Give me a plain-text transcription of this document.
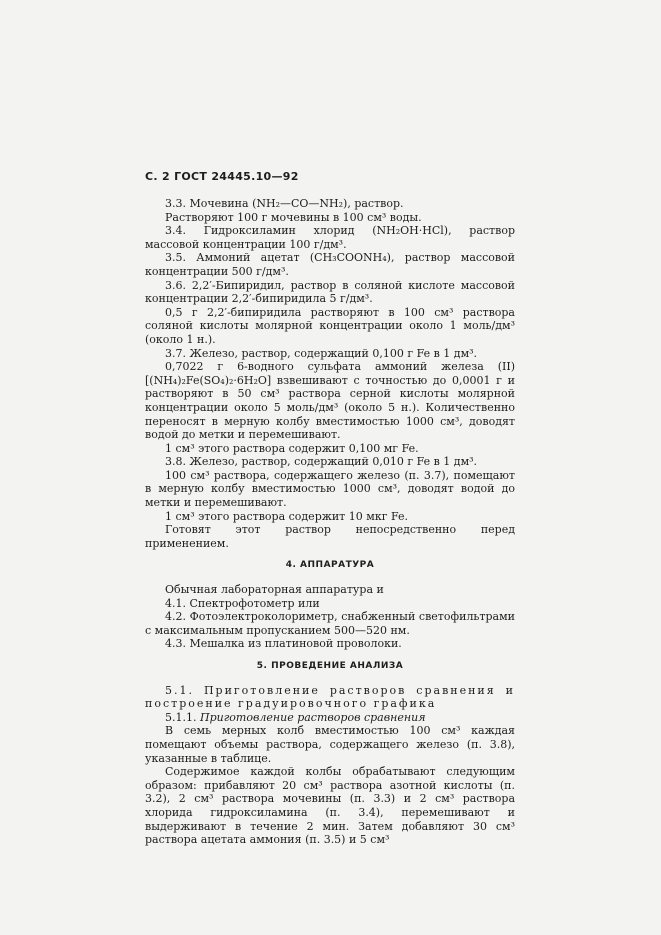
С. 2 ГОСТ 24445.10—92

3.3. Мочевина (NH₂—CO—NH₂), раствор.

Растворяют 100 г мочевины в 100 см³ воды.

3.4. Гидроксиламин хлорид (NH₂OH·HCl), раствор массовой концентрации 100 г/дм³.

3.5. Аммоний ацетат (CH₃COONH₄), раствор массовой концентрации 500 г/дм³.

3.6. 2,2′-Бипиридил, раствор в соляной кислоте массовой концентрации 2,2′-бипиридила 5 г/дм³.

0,5 г 2,2′-бипиридила растворяют в 100 см³ раствора соляной кислоты молярной концентрации около 1 моль/дм³ (около 1 н.).

3.7. Железо, раствор, содержащий 0,100 г Fe в 1 дм³.

0,7022 г 6-водного сульфата аммоний железа (II) [(NH₄)₂Fe(SO₄)₂·6H₂O] взвешивают с точностью до 0,0001 г и растворяют в 50 см³ раствора серной кислоты молярной концентрации около 5 моль/дм³ (около 5 н.). Количественно переносят в мерную колбу вместимостью 1000 см³, доводят водой до метки и перемешивают.

1 см³ этого раствора содержит 0,100 мг Fe.

3.8. Железо, раствор, содержащий 0,010 г Fe в 1 дм³.

100 см³ раствора, содержащего железо (п. 3.7), помещают в мерную колбу вместимостью 1000 см³, доводят водой до метки и перемешивают.

1 см³ этого раствора содержит 10 мкг Fe.

Готовят этот раствор непосредственно перед применением.

4. АППАРАТУРА

Обычная лабораторная аппаратура и

4.1. Спектрофотометр или

4.2. Фотоэлектроколориметр, снабженный светофильтрами с максимальным пропусканием 500—520 нм.

4.3. Мешалка из платиновой проволоки.

5. ПРОВЕДЕНИЕ АНАЛИЗА

5.1. Приготовление растворов сравнения и построение градуировочного графика

5.1.1. Приготовление растворов сравнения

В семь мерных колб вместимостью 100 см³ каждая помещают объемы раствора, содержащего железо (п. 3.8), указанные в таблице.

Содержимое каждой колбы обрабатывают следующим образом: прибавляют 20 см³ раствора азотной кислоты (п. 3.2), 2 см³ раствора мочевины (п. 3.3) и 2 см³ раствора хлорида гидроксиламина (п. 3.4), перемешивают и выдерживают в течение 2 мин. Затем добавляют 30 см³ раствора ацетата аммония (п. 3.5) и 5 см³
